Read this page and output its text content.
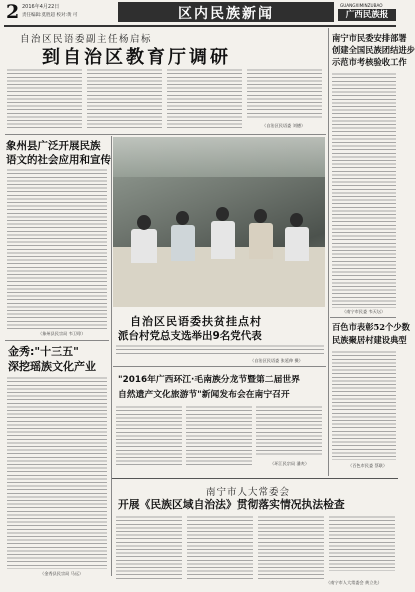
2 2016年4月22日
责任编辑:莫胜超 校对:黄 可	区内民族新闻
GUANGXIMINZUBAO
广西民族报
自治区民语委副主任杨启标
到自治区教育厅调研
（自治区民语委 刘德）
象州县广泛开展民族
语文的社会应用和宣传
（象州县民宗局 韦卫琼）
金秀:"十三五"
深挖瑶族文化产业
（金秀县民宗局 马远）
自治区民语委扶贫挂点村
派台村党总支选举出9名党代表
（自治区民语委 张延伸 摄）
"2016年广西环江·毛南族分龙节暨第二届世界
自然遗产文化旅游节"新闻发布会在南宁召开
（环江民宗局 潘麦）
南宁市民委安排部署
创建全国民族团结进步
示范市考核验收工作
（南宁市民委 韦天坛）
百色市表彰52个少数
民族聚居村建设典型
（百色市民委 蔡联）
南宁市人大常委会
开展《民族区域自治法》贯彻落实情况执法检查
（南宁市人大常委会 黄立先）
